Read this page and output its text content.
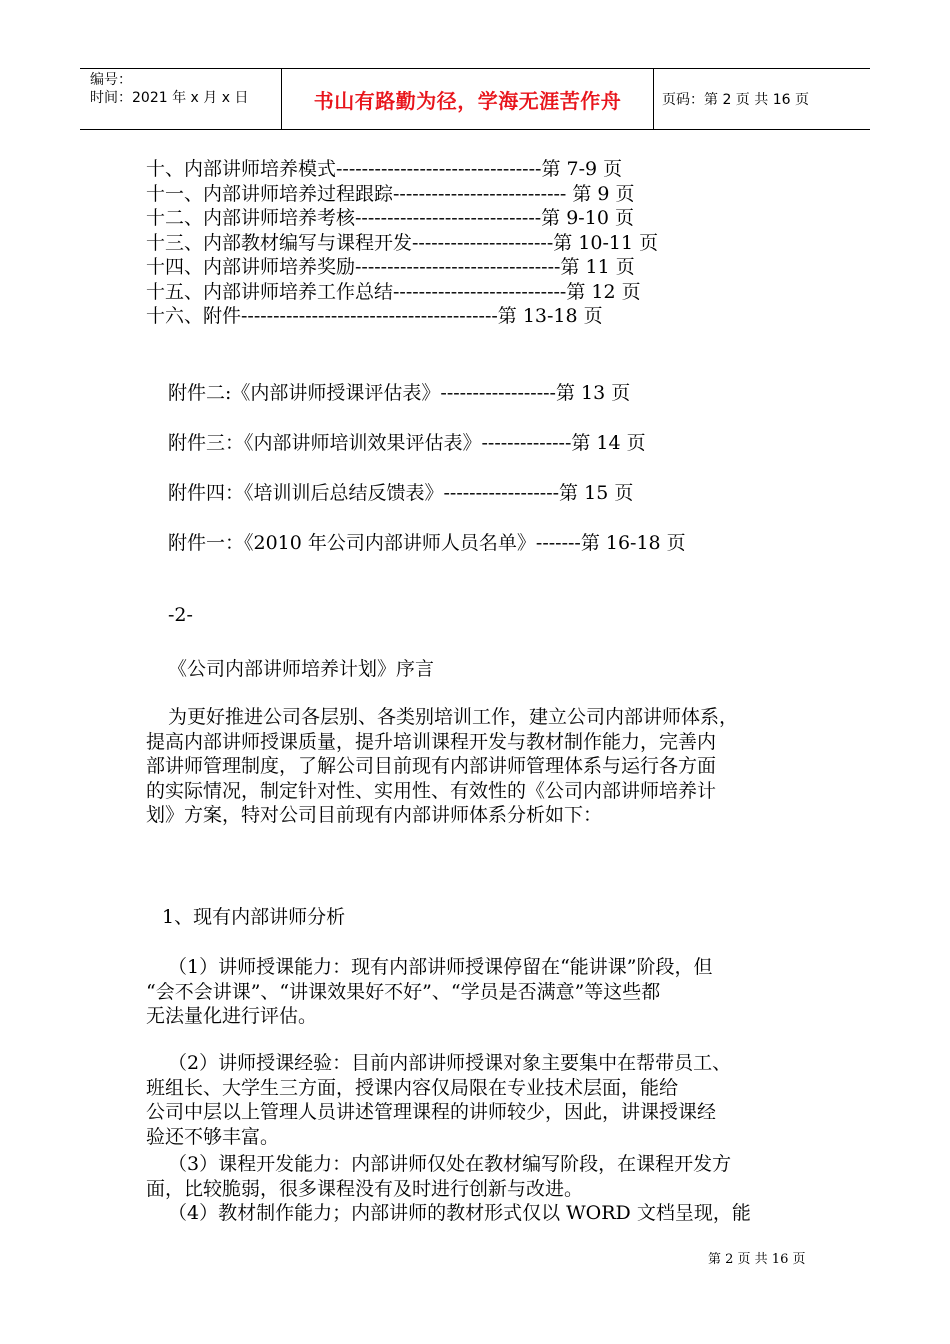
编号：
时间：2021 年 x 月 x 日	书山有路勤为径，学海无涯苦作舟	页码：第 2 页 共 16 页
十、内部讲师培养模式--------------------------------第 7-9 页
十一、内部讲师培养过程跟踪--------------------------- 第 9 页
十二、内部讲师培养考核-----------------------------第 9-10 页
十三、内部教材编写与课程开发----------------------第 10-11 页
十四、内部讲师培养奖励--------------------------------第 11 页
十五、内部讲师培养工作总结---------------------------第 12 页
十六、附件----------------------------------------第 13-18 页
附件二:《内部讲师授课评估表》------------------第 13 页
附件三：《内部讲师培训效果评估表》--------------第 14 页
附件四：《培训训后总结反馈表》------------------第 15 页
附件一：《2010 年公司内部讲师人员名单》-------第 16-18 页
-2-
《公司内部讲师培养计划》序言
为更好推进公司各层别、各类别培训工作，建立公司内部讲师体系，
提高内部讲师授课质量，提升培训课程开发与教材制作能力，完善内
部讲师管理制度，了解公司目前现有内部讲师管理体系与运行各方面
的实际情况，制定针对性、实用性、有效性的《公司内部讲师培养计
划》方案，特对公司目前现有内部讲师体系分析如下：
1、现有内部讲师分析
（1）讲师授课能力：现有内部讲师授课停留在“能讲课”阶段，但
“会不会讲课”、“讲课效果好不好”、“学员是否满意”等这些都
无法量化进行评估。
（2）讲师授课经验：目前内部讲师授课对象主要集中在帮带员工、
班组长、大学生三方面，授课内容仅局限在专业技术层面，能给
公司中层以上管理人员讲述管理课程的讲师较少，因此，讲课授课经
验还不够丰富。
（3）课程开发能力：内部讲师仅处在教材编写阶段，在课程开发方
面，比较脆弱，很多课程没有及时进行创新与改进。
（4）教材制作能力；内部讲师的教材形式仅以 WORD 文档呈现，能
第 2 页 共 16 页
